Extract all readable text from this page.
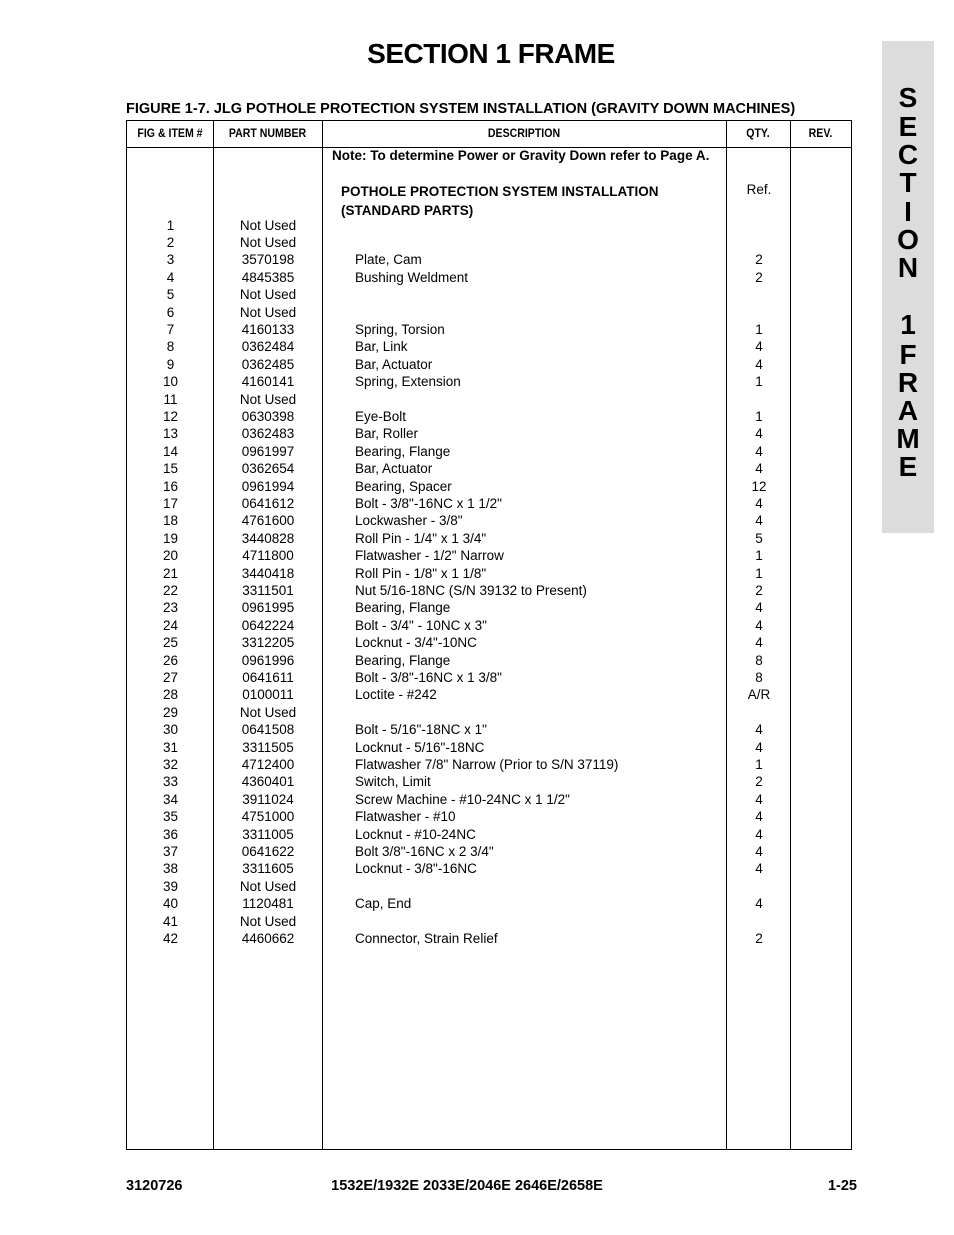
SECTION 1 FRAME
S
E
C
T
I
O
N
1
F
R
A
M
E
FIGURE 1-7. JLG POTHOLE PROTECTION SYSTEM INSTALLATION (GRAVITY DOWN MACHINES)
FIG & ITEM #	PART NUMBER	DESCRIPTION	QTY.	REV.
Note: To determine Power or Gravity Down refer to Page A.
POTHOLE PROTECTION SYSTEM INSTALLATION
(STANDARD PARTS)
Ref.
1	Not Used
2	Not Used
3	3570198	Plate, Cam	2
4	4845385	Bushing Weldment	2
5	Not Used
6	Not Used
7	4160133	Spring, Torsion	1
8	0362484	Bar, Link	4
9	0362485	Bar, Actuator	4
10	4160141	Spring, Extension	1
11	Not Used
12	0630398	Eye-Bolt	1
13	0362483	Bar, Roller	4
14	0961997	Bearing, Flange	4
15	0362654	Bar, Actuator	4
16	0961994	Bearing, Spacer	12
17	0641612	Bolt - 3/8"-16NC x 1 1/2"	4
18	4761600	Lockwasher - 3/8"	4
19	3440828	Roll Pin - 1/4" x 1 3/4"	5
20	4711800	Flatwasher - 1/2" Narrow	1
21	3440418	Roll Pin - 1/8" x 1 1/8"	1
22	3311501	Nut 5/16-18NC (S/N 39132 to Present)	2
23	0961995	Bearing, Flange	4
24	0642224	Bolt - 3/4" - 10NC x 3"	4
25	3312205	Locknut - 3/4"-10NC	4
26	0961996	Bearing, Flange	8
27	0641611	Bolt - 3/8"-16NC x 1 3/8"	8
28	0100011	Loctite - #242	A/R
29	Not Used
30	0641508	Bolt - 5/16"-18NC x 1"	4
31	3311505	Locknut - 5/16"-18NC	4
32	4712400	Flatwasher 7/8" Narrow (Prior to S/N 37119)	1
33	4360401	Switch, Limit	2
34	3911024	Screw Machine - #10-24NC x 1 1/2"	4
35	4751000	Flatwasher - #10	4
36	3311005	Locknut - #10-24NC	4
37	0641622	Bolt 3/8"-16NC x 2 3/4"	4
38	3311605	Locknut - 3/8"-16NC	4
39	Not Used
40	1120481	Cap, End	4
41	Not Used
42	4460662	Connector, Strain Relief	2
3120726	1532E/1932E 2033E/2046E 2646E/2658E	1-25
